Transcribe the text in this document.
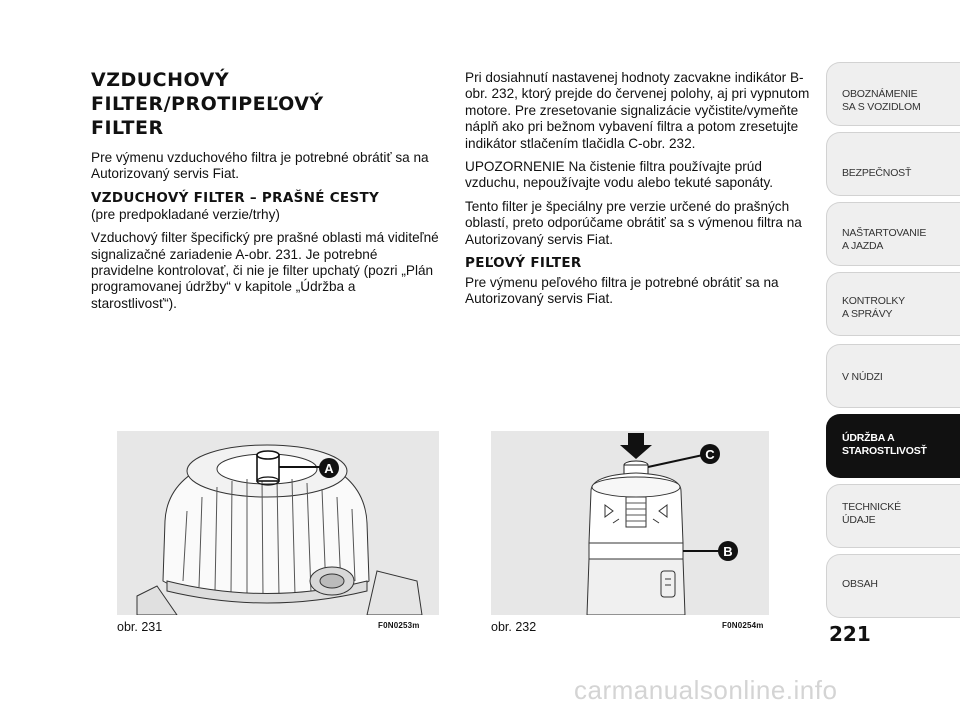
VZDUCHOVÝ FILTER/PROTIPEĽOVÝ
FILTER

Pre výmenu vzduchového filtra je potrebné obrátiť sa na Autorizovaný servis Fiat.

VZDUCHOVÝ FILTER – PRAŠNÉ CESTY
(pre predpokladané verzie/trhy)

Vzduchový filter špecifický pre prašné oblasti má viditeľné signalizačné zariadenie A-obr. 231. Je potrebné pravidelne kontrolovať, či nie je filter upchatý (pozri „Plán programovanej údržby“ v kapitole „Údržba a starostlivosť“).

Pri dosiahnutí nastavenej hodnoty zacvakne indikátor B-obr. 232, ktorý prejde do červenej polohy, aj pri vypnutom motore. Pre zresetovanie signalizácie vyčistite/vymeňte náplň ako pri bežnom vybavení filtra a potom zresetujte indikátor stlačením tlačidla C-obr. 232.

UPOZORNENIE Na čistenie filtra používajte prúd vzduchu, nepoužívajte vodu alebo tekuté saponáty.

Tento filter je špeciálny pre verzie určené do prašných oblastí, preto odporúčame obrátiť sa s výmenou filtra na Autorizovaný servis Fiat.

PEĽOVÝ FILTER

Pre výmenu peľového filtra je potrebné obrátiť sa na Autorizovaný servis Fiat.

A
obr. 231	F0N0253m
C
B
obr. 232	F0N0254m
OBOZNÁMENIE
SA S VOZIDLOM
BEZPEČNOSŤ
NAŠTARTOVANIE
A JAZDA
KONTROLKY
A SPRÁVY
V NÚDZI
ÚDRŽBA A
STAROSTLIVOSŤ
TECHNICKÉ
ÚDAJE
OBSAH
221
carmanualsonline.info
